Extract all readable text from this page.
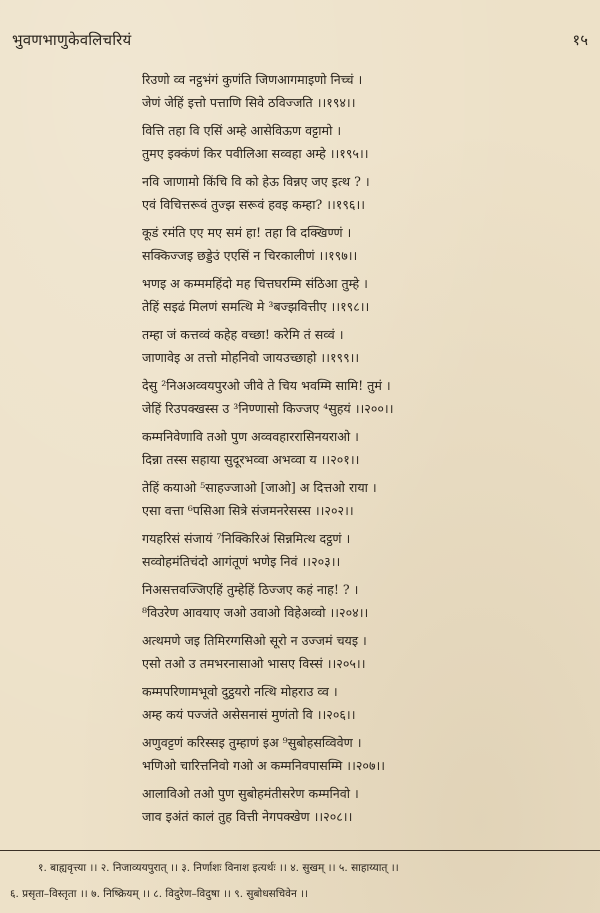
भुवणभाणुकेवलिचरियं	१५

रिउणो व्व नट्ठभंगं कुणंति जिणआगमाइणो निच्चं ।
जेणं जेहिं इत्तो पत्ताणि सिवे ठविज्जति ।।१९४।।

वित्ति तहा वि एसिं अम्हे आसेविऊण वट्टामो ।
तुमए इक्कंणं किर पवीलिआ सव्वहा अम्हे ।।१९५।।

नवि जाणामो किंचि वि को हेऊ विन्नए जए इत्थ ? ।
एवं विचित्तरूवं तुज्झ सरूवं हवइ कम्हा? ।।१९६।।

कूडं रमंति एए मए समं हा! तहा वि दक्खिण्णं ।
सक्किज्जइ छड्डेउं एएसिं न चिरकालीणं ।।१९७।।

भणइ अ कम्ममहिंदो मह चित्तघरम्मि संठिआ तुम्हे ।
तेहिं सइढं मिलणं समत्थि मे ³बज्झवित्तीए ।।१९८।।

तम्हा जं कत्तव्वं कहेह वच्छा! करेमि तं सव्वं ।
जाणावेइ अ तत्तो मोहनिवो जायउच्छाहो ।।१९९।।

देसु ²निअअव्वयपुरओ जीवे ते चिय भवम्मि सामि! तुमं ।
जेहिं रिउपक्खस्स उ ³निण्णासो किज्जए ⁴सुहयं ।।२००।।

कम्मनिवेणावि तओ पुण अव्ववहाररासिनयराओ ।
दिन्ना तस्स सहाया सुदूरभव्वा अभव्वा य ।।२०१।।

तेहिं कयाओ ⁵साहज्जाओ [जाओ] अ दित्तओ राया ।
एसा वत्ता ⁶पसिआ सित्रे संजमनरेसस्स ।।२०२।।

गयहरिसं संजायं ⁷निक्किरिअं सिन्नमित्थ दट्ठणं ।
सव्वोहमंतिचंदो आगंतूणं भणेइ निवं ।।२०३।।

निअसत्तवज्जिएहिं तुम्हेहिं ठिज्जए कहं नाह! ? ।
⁸विउरेण आवयाए जओ उवाओ विहेअव्वो ।।२०४।।

अत्थमणे जइ तिमिरग्गसिओ सूरो न उज्जमं चयइ ।
एसो तओ उ तमभरनासाओ भासए विस्सं ।।२०५।।

कम्मपरिणामभूवो दुट्ठयरो नत्थि मोहराउ व्व ।
अम्ह कयं पज्जंते असेसनासं मुणंतो वि ।।२०६।।

अणुवट्टणं करिस्सइ तुम्हाणं इअ ⁹सुबोहसव्विवेण ।
भणिओ चारित्तनिवो गओ अ कम्मनिवपासम्मि ।।२०७।।

आलाविओ तओ पुण सुबोहमंतीसरेण कम्मनिवो ।
जाव इअंतं कालं तुह वित्ती नेगपक्खेण ।।२०८।।

१. बाह्यवृत्त्या ।। २. निजाव्ययपुरात् ।। ३. निर्णाशः विनाश इत्यर्थः ।। ४. सुखम् ।। ५. साहाय्यात् ।।
६. प्रसृता–विस्तृता ।। ७. निष्क्रियम् ।। ८. विदुरेण–विदुषा ।। ९. सुबोधसचिवेन ।।
